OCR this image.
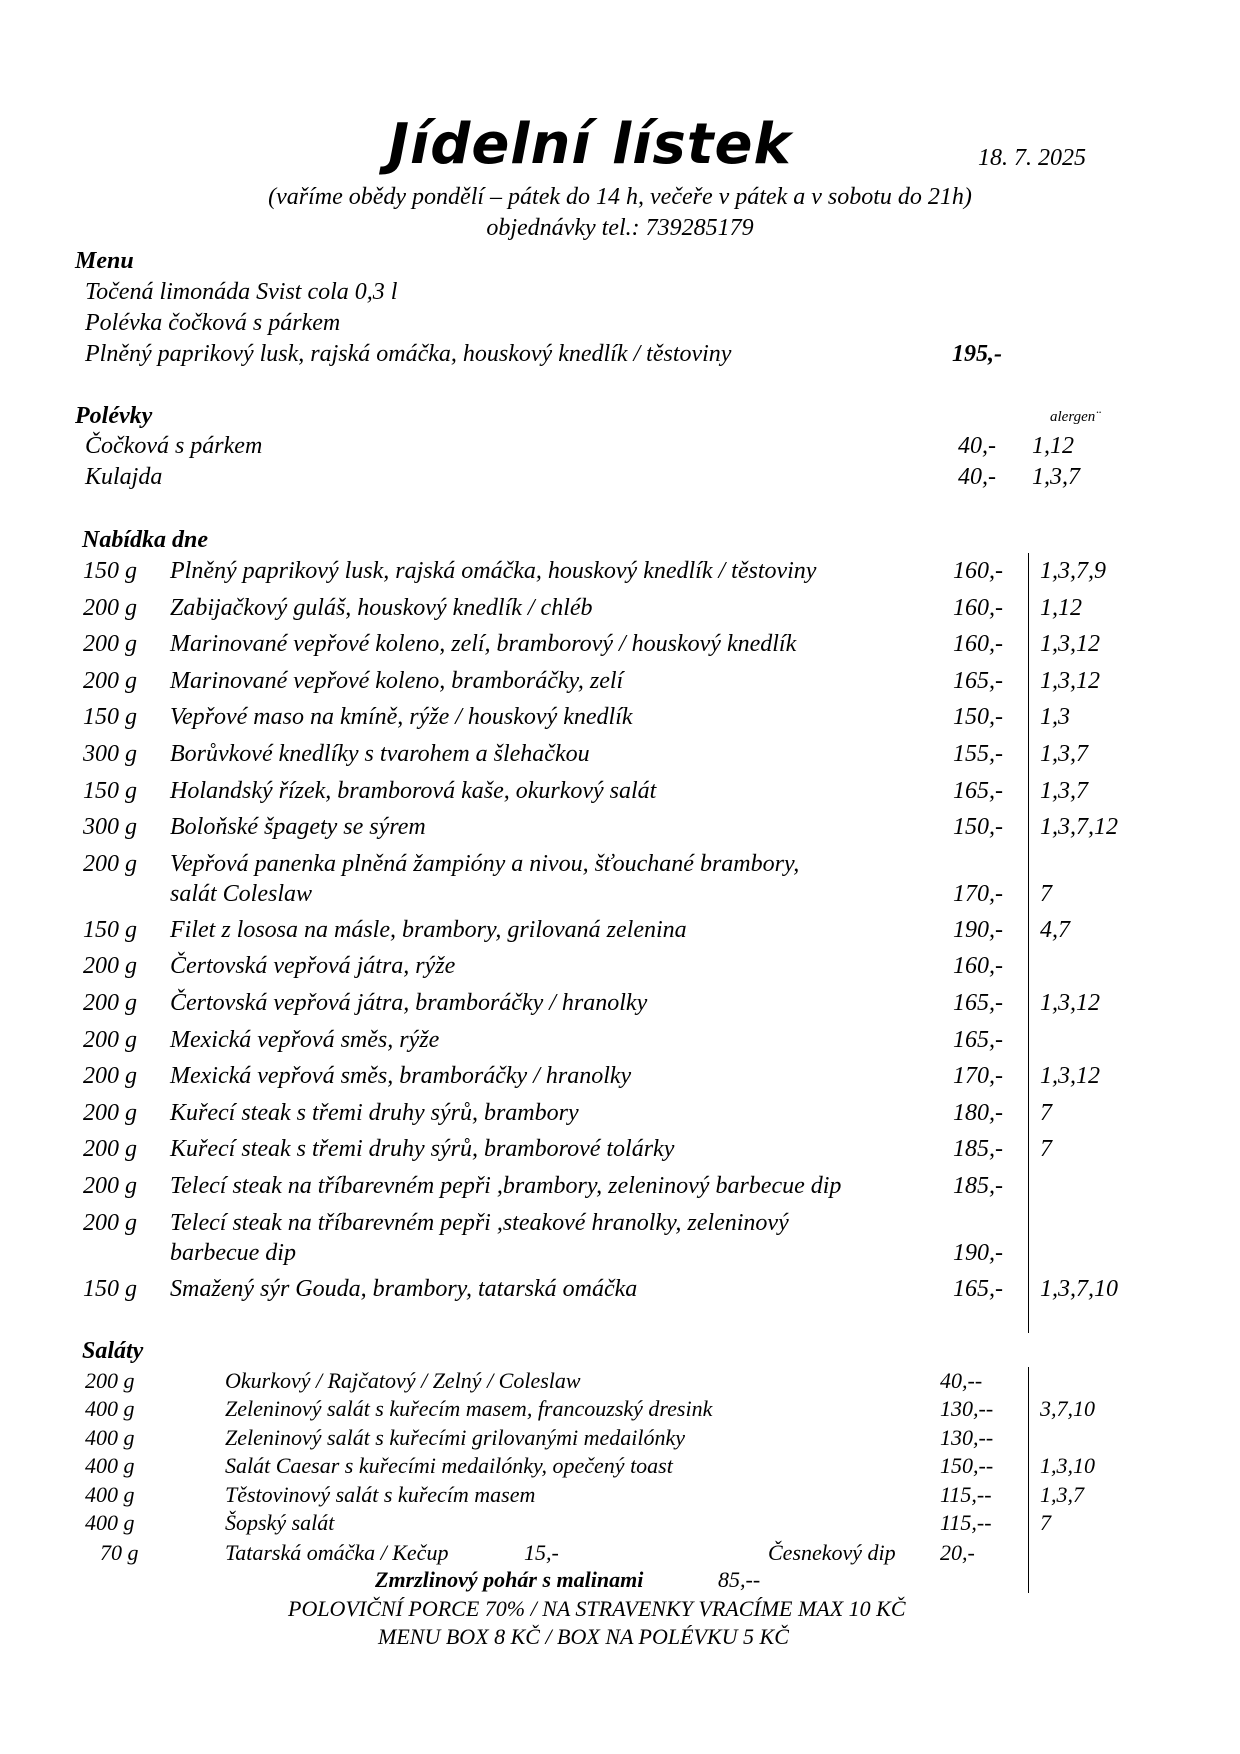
Jídelní lístek	18. 7. 2025
(vaříme obědy pondělí – pátek do 14 h, večeře v pátek a v sobotu do 21h)
objednávky tel.: 739285179
Menu
Točená limonáda Svist cola 0,3 l
Polévka čočková s párkem
Plněný paprikový lusk, rajská omáčka, houskový knedlík / těstoviny	195,-
Polévky	alergen¨
Čočková s párkem	40,- 1,12
Kulajda	40,- 1,3,7
Nabídka dne
150 g Plněný paprikový lusk, rajská omáčka, houskový knedlík / těstoviny	160,- 1,3,7,9
200 g Zabijačkový guláš, houskový knedlík / chléb	160,- 1,12
200 g Marinované vepřové koleno, zelí, bramborový / houskový knedlík	160,- 1,3,12
200 g Marinované vepřové koleno, bramboráčky, zelí	165,- 1,3,12
150 g Vepřové maso na kmíně, rýže / houskový knedlík	150,- 1,3
300 g Borůvkové knedlíky s tvarohem a šlehačkou	155,- 1,3,7
150 g Holandský řízek, bramborová kaše, okurkový salát	165,- 1,3,7
300 g Boloňské špagety se sýrem	150,- 1,3,7,12
200 g Vepřová panenka plněná žampióny a nivou, šťouchané brambory,
salát Coleslaw	170,- 7
150 g Filet z lososa na másle, brambory, grilovaná zelenina	190,- 4,7
200 g Čertovská vepřová játra, rýže	160,-
200 g Čertovská vepřová játra, bramboráčky / hranolky	165,- 1,3,12
200 g Mexická vepřová směs, rýže	165,-
200 g Mexická vepřová směs, bramboráčky / hranolky	170,- 1,3,12
200 g Kuřecí steak s třemi druhy sýrů, brambory	180,- 7
200 g Kuřecí steak s třemi druhy sýrů, bramborové tolárky	185,- 7
200 g Telecí steak na tříbarevném pepři ,brambory, zeleninový barbecue dip	185,-
200 g Telecí steak na tříbarevném pepři ,steakové hranolky, zeleninový
barbecue dip	190,-
150 g Smažený sýr Gouda, brambory, tatarská omáčka	165,- 1,3,7,10
Saláty
200 g	Okurkový / Rajčatový / Zelný / Coleslaw	40,--
400 g	Zeleninový salát s kuřecím masem, francouzský dresink	130,-- 3,7,10
400 g	Zeleninový salát s kuřecími grilovanými medailónky	130,--
400 g	Salát Caesar s kuřecími medailónky, opečený toast	150,-- 1,3,10
400 g	Těstovinový salát s kuřecím masem	115,-- 1,3,7
400 g	Šopský salát	115,-- 7
70 g	Tatarská omáčka / Kečup	15,-	Česnekový dip 20,-
Zmrzlinový pohár s malinami	85,--
POLOVIČNÍ PORCE 70% / NA STRAVENKY VRACÍME MAX 10 KČ
MENU BOX 8 KČ / BOX NA POLÉVKU 5 KČ
